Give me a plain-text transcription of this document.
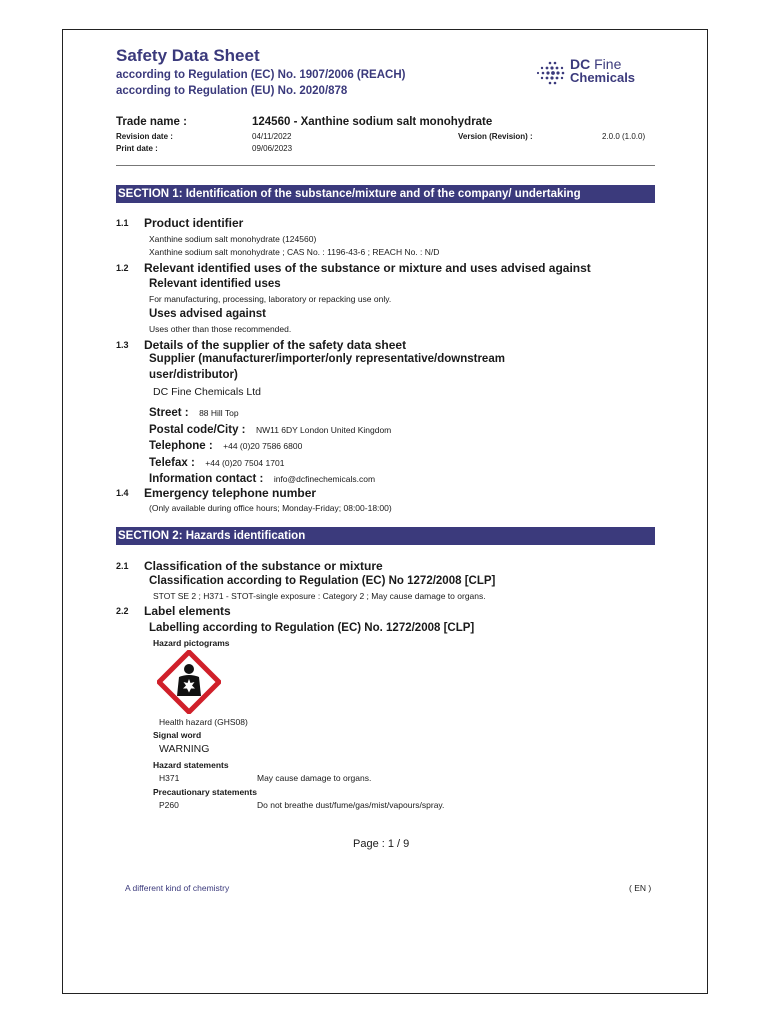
Safety Data Sheet
according to Regulation (EC) No. 1907/2006 (REACH)
according to Regulation (EU) No. 2020/878
DC Fine
Chemicals
Trade name :	124560 - Xanthine sodium salt monohydrate
Revision date :	04/11/2022
Print date :	09/06/2023
Version (Revision) :	2.0.0 (1.0.0)
SECTION 1: Identification of the substance/mixture and of the company/ undertaking
1.1 Product identifier
Xanthine sodium salt monohydrate (124560)
Xanthine sodium salt monohydrate ; CAS No. : 1196-43-6 ; REACH No. : N/D
1.2 Relevant identified uses of the substance or mixture and uses advised against
Relevant identified uses
For manufacturing, processing, laboratory or repacking use only.
Uses advised against
Uses other than those recommended.
1.3 Details of the supplier of the safety data sheet
Supplier (manufacturer/importer/only representative/downstream
user/distributor)
DC Fine Chemicals Ltd
Street : 88 Hill Top
Postal code/City : NW11 6DY London United Kingdom
Telephone : +44 (0)20 7586 6800
Telefax : +44 (0)20 7504 1701
Information contact : info@dcfinechemicals.com
1.4 Emergency telephone number
(Only available during office hours; Monday-Friday; 08:00-18:00)
SECTION 2: Hazards identification
2.1 Classification of the substance or mixture
Classification according to Regulation (EC) No 1272/2008 [CLP]
STOT SE 2 ; H371 - STOT-single exposure : Category 2 ; May cause damage to organs.
2.2 Label elements
Labelling according to Regulation (EC) No. 1272/2008 [CLP]
Hazard pictograms
Health hazard (GHS08)
Signal word
WARNING
Hazard statements
H371	May cause damage to organs.
Precautionary statements
P260	Do not breathe dust/fume/gas/mist/vapours/spray.
Page : 1 / 9
A different kind of chemistry	( EN )
